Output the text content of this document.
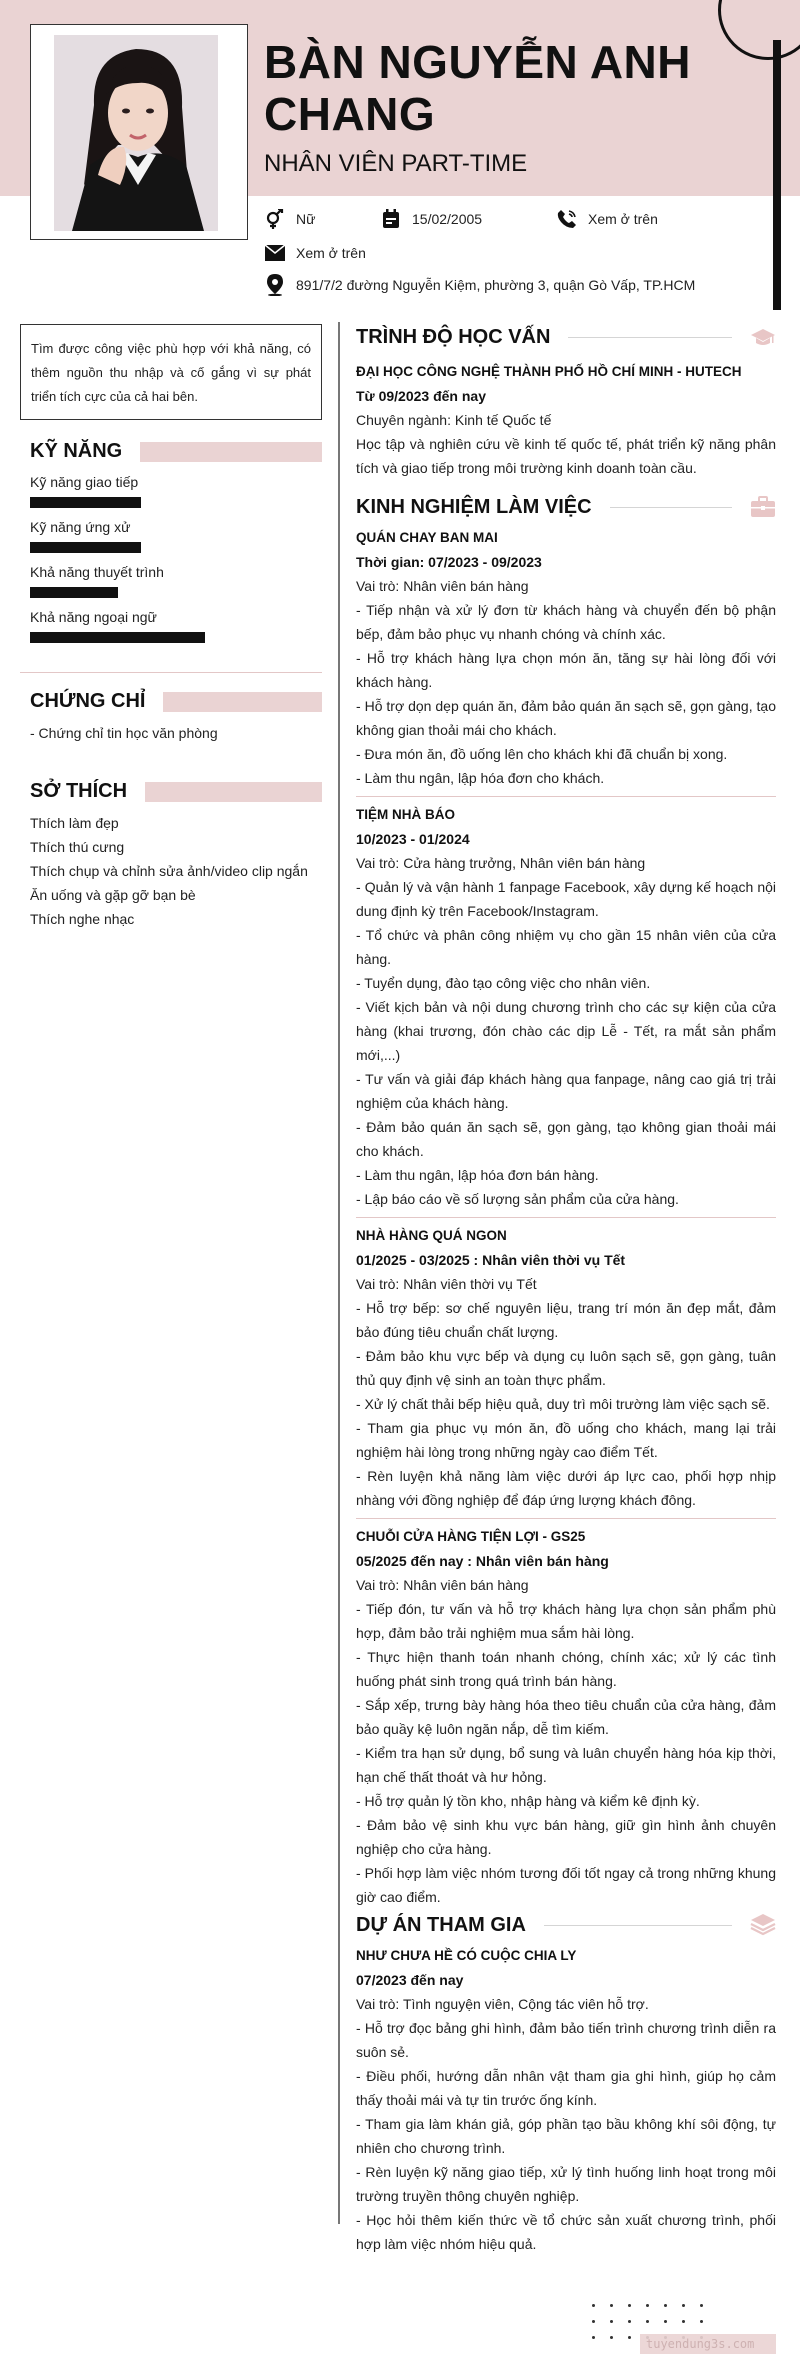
BÀN NGUYỄN ANH CHANG
NHÂN VIÊN PART-TIME
Nữ	15/02/2005	Xem ở trên
Xem ở trên
891/7/2 đường Nguyễn Kiệm, phường 3, quận Gò Vấp, TP.HCM
Tìm được công việc phù hợp với khả năng, có thêm nguồn thu nhập và cố gắng vì sự phát triển tích cực của cả hai bên.
KỸ NĂNG
Kỹ năng giao tiếp
Kỹ năng ứng xử
Khả năng thuyết trình
Khả năng ngoại ngữ
CHỨNG CHỈ
- Chứng chỉ tin học văn phòng
SỞ THÍCH
Thích làm đẹp
Thích thú cưng
Thích chụp và chỉnh sửa ảnh/video clip ngắn
Ăn uống và gặp gỡ bạn bè
Thích nghe nhạc
TRÌNH ĐỘ HỌC VẤN
ĐẠI HỌC CÔNG NGHỆ THÀNH PHỐ HỒ CHÍ MINH - HUTECH
Từ 09/2023 đến nay
Chuyên ngành: Kinh tế Quốc tế
Học tập và nghiên cứu về kinh tế quốc tế, phát triển kỹ năng phân tích và giao tiếp trong môi trường kinh doanh toàn cầu.
KINH NGHIỆM LÀM VIỆC
QUÁN CHAY BAN MAI
Thời gian: 07/2023 - 09/2023
Vai trò: Nhân viên bán hàng
- Tiếp nhận và xử lý đơn từ khách hàng và chuyển đến bộ phận bếp, đảm bảo phục vụ nhanh chóng và chính xác.
- Hỗ trợ khách hàng lựa chọn món ăn, tăng sự hài lòng đối với khách hàng.
- Hỗ trợ dọn dẹp quán ăn, đảm bảo quán ăn sạch sẽ, gọn gàng, tạo không gian thoải mái cho khách.
- Đưa món ăn, đồ uống lên cho khách khi đã chuẩn bị xong.
- Làm thu ngân, lập hóa đơn cho khách.
TIỆM NHÀ BÁO
10/2023 - 01/2024
Vai trò: Cửa hàng trưởng, Nhân viên bán hàng
- Quản lý và vận hành 1 fanpage Facebook, xây dựng kế hoạch nội dung định kỳ trên Facebook/Instagram.
- Tổ chức và phân công nhiệm vụ cho gần 15 nhân viên của cửa hàng.
- Tuyển dụng, đào tạo công việc cho nhân viên.
- Viết kịch bản và nội dung chương trình cho các sự kiện của cửa hàng (khai trương, đón chào các dịp Lễ - Tết, ra mắt sản phẩm mới,...)
- Tư vấn và giải đáp khách hàng qua fanpage, nâng cao giá trị trải nghiệm của khách hàng.
- Đảm bảo quán ăn sạch sẽ, gọn gàng, tạo không gian thoải mái cho khách.
- Làm thu ngân, lập hóa đơn bán hàng.
- Lập báo cáo về số lượng sản phẩm của cửa hàng.
NHÀ HÀNG QUÁ NGON
01/2025 - 03/2025 : Nhân viên thời vụ Tết
Vai trò: Nhân viên thời vụ Tết
- Hỗ trợ bếp: sơ chế nguyên liệu, trang trí món ăn đẹp mắt, đảm bảo đúng tiêu chuẩn chất lượng.
- Đảm bảo khu vực bếp và dụng cụ luôn sạch sẽ, gọn gàng, tuân thủ quy định vệ sinh an toàn thực phẩm.
- Xử lý chất thải bếp hiệu quả, duy trì môi trường làm việc sạch sẽ.
- Tham gia phục vụ món ăn, đồ uống cho khách, mang lại trải nghiệm hài lòng trong những ngày cao điểm Tết.
- Rèn luyện khả năng làm việc dưới áp lực cao, phối hợp nhịp nhàng với đồng nghiệp để đáp ứng lượng khách đông.
CHUỖI CỬA HÀNG TIỆN LỢI - GS25
05/2025 đến nay : Nhân viên bán hàng
Vai trò: Nhân viên bán hàng
- Tiếp đón, tư vấn và hỗ trợ khách hàng lựa chọn sản phẩm phù hợp, đảm bảo trải nghiệm mua sắm hài lòng.
- Thực hiện thanh toán nhanh chóng, chính xác; xử lý các tình huống phát sinh trong quá trình bán hàng.
- Sắp xếp, trưng bày hàng hóa theo tiêu chuẩn của cửa hàng, đảm bảo quầy kệ luôn ngăn nắp, dễ tìm kiếm.
- Kiểm tra hạn sử dụng, bổ sung và luân chuyển hàng hóa kịp thời, hạn chế thất thoát và hư hỏng.
- Hỗ trợ quản lý tồn kho, nhập hàng và kiểm kê định kỳ.
- Đảm bảo vệ sinh khu vực bán hàng, giữ gìn hình ảnh chuyên nghiệp cho cửa hàng.
- Phối hợp làm việc nhóm tương đối tốt ngay cả trong những khung giờ cao điểm.
DỰ ÁN THAM GIA
NHƯ CHƯA HỀ CÓ CUỘC CHIA LY
07/2023 đến nay
Vai trò: Tình nguyện viên, Cộng tác viên hỗ trợ.
- Hỗ trợ đọc bảng ghi hình, đảm bảo tiến trình chương trình diễn ra suôn sẻ.
- Điều phối, hướng dẫn nhân vật tham gia ghi hình, giúp họ cảm thấy thoải mái và tự tin trước ống kính.
- Tham gia làm khán giả, góp phần tạo bầu không khí sôi động, tự nhiên cho chương trình.
- Rèn luyện kỹ năng giao tiếp, xử lý tình huống linh hoạt trong môi trường truyền thông chuyên nghiệp.
- Học hỏi thêm kiến thức về tổ chức sản xuất chương trình, phối hợp làm việc nhóm hiệu quả.
tuyendung3s.com
